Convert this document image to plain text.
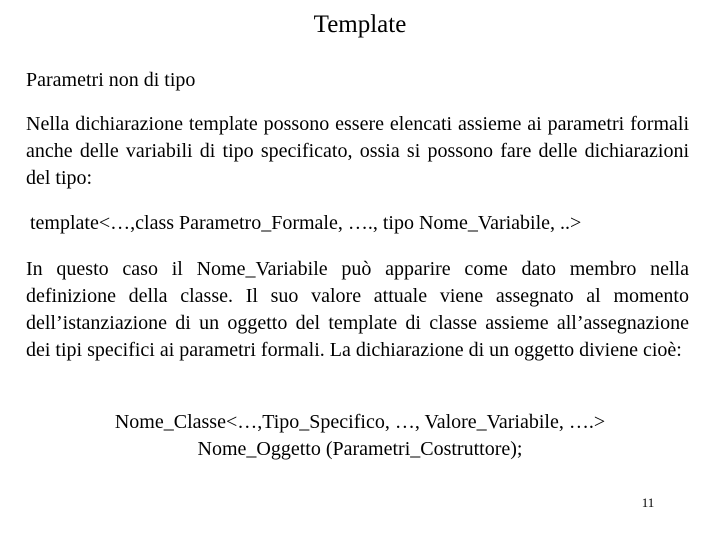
Template
Parametri non di tipo

Nella dichiarazione template possono essere elencati assieme ai parametri formali anche delle variabili di tipo specificato, ossia si possono fare delle dichiarazioni del tipo:

template<…,class Parametro_Formale, …., tipo Nome_Variabile, ..>

In questo caso il Nome_Variabile può apparire come dato membro nella definizione della classe. Il suo valore attuale viene assegnato al momento dell’istanziazione di un oggetto del template di classe assieme all’assegnazione dei tipi specifici ai parametri formali. La dichiarazione di un oggetto diviene cioè:

Nome_Classe<…,Tipo_Specifico, …, Valore_Variabile, ….>
Nome_Oggetto (Parametri_Costruttore);
11
